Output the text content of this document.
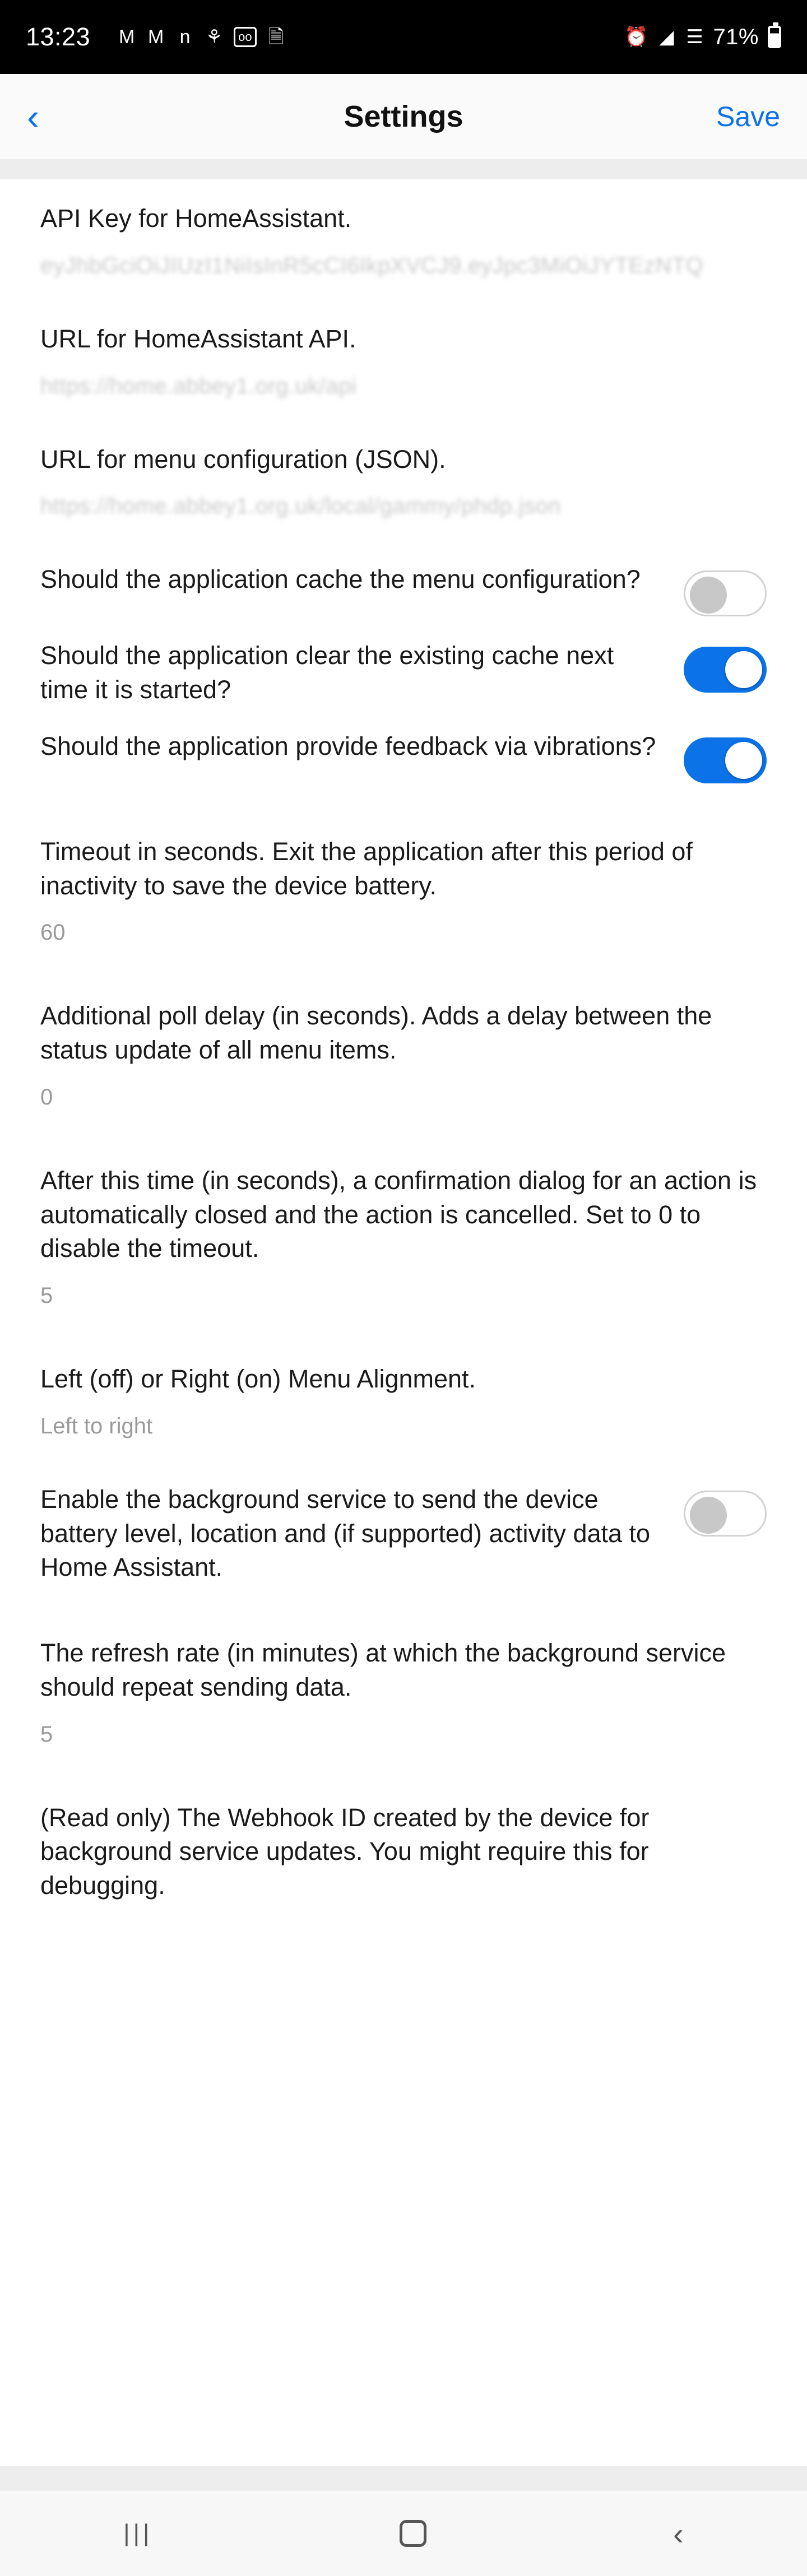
13:23 M M n ⚘	oo 🗎	⏰ ◢ ☰ 71%
‹	Settings	Save
API Key for HomeAssistant.
eyJhbGciOiJIUzI1NiIsInR5cCI6IkpXVCJ9.eyJpc3MiOiJYTEzNTQ
URL for HomeAssistant API.
https://home.abbey1.org.uk/api
URL for menu configuration (JSON).
https://home.abbey1.org.uk/local/gammy/phdp.json
Should the application cache the menu configuration?
Should the application clear the existing cache next time it is started?
Should the application provide feedback via vibrations?
Timeout in seconds. Exit the application after this period of inactivity to save the device battery.
60
Additional poll delay (in seconds). Adds a delay between the status update of all menu items.
0
After this time (in seconds), a confirmation dialog for an action is automatically closed and the action is cancelled. Set to 0 to disable the timeout.
5
Left (off) or Right (on) Menu Alignment.
Left to right
Enable the background service to send the device battery level, location and (if supported) activity data to Home Assistant.
The refresh rate (in minutes) at which the background service should repeat sending data.
5
(Read only) The Webhook ID created by the device for background service updates. You might require this for debugging.
|||	‹
